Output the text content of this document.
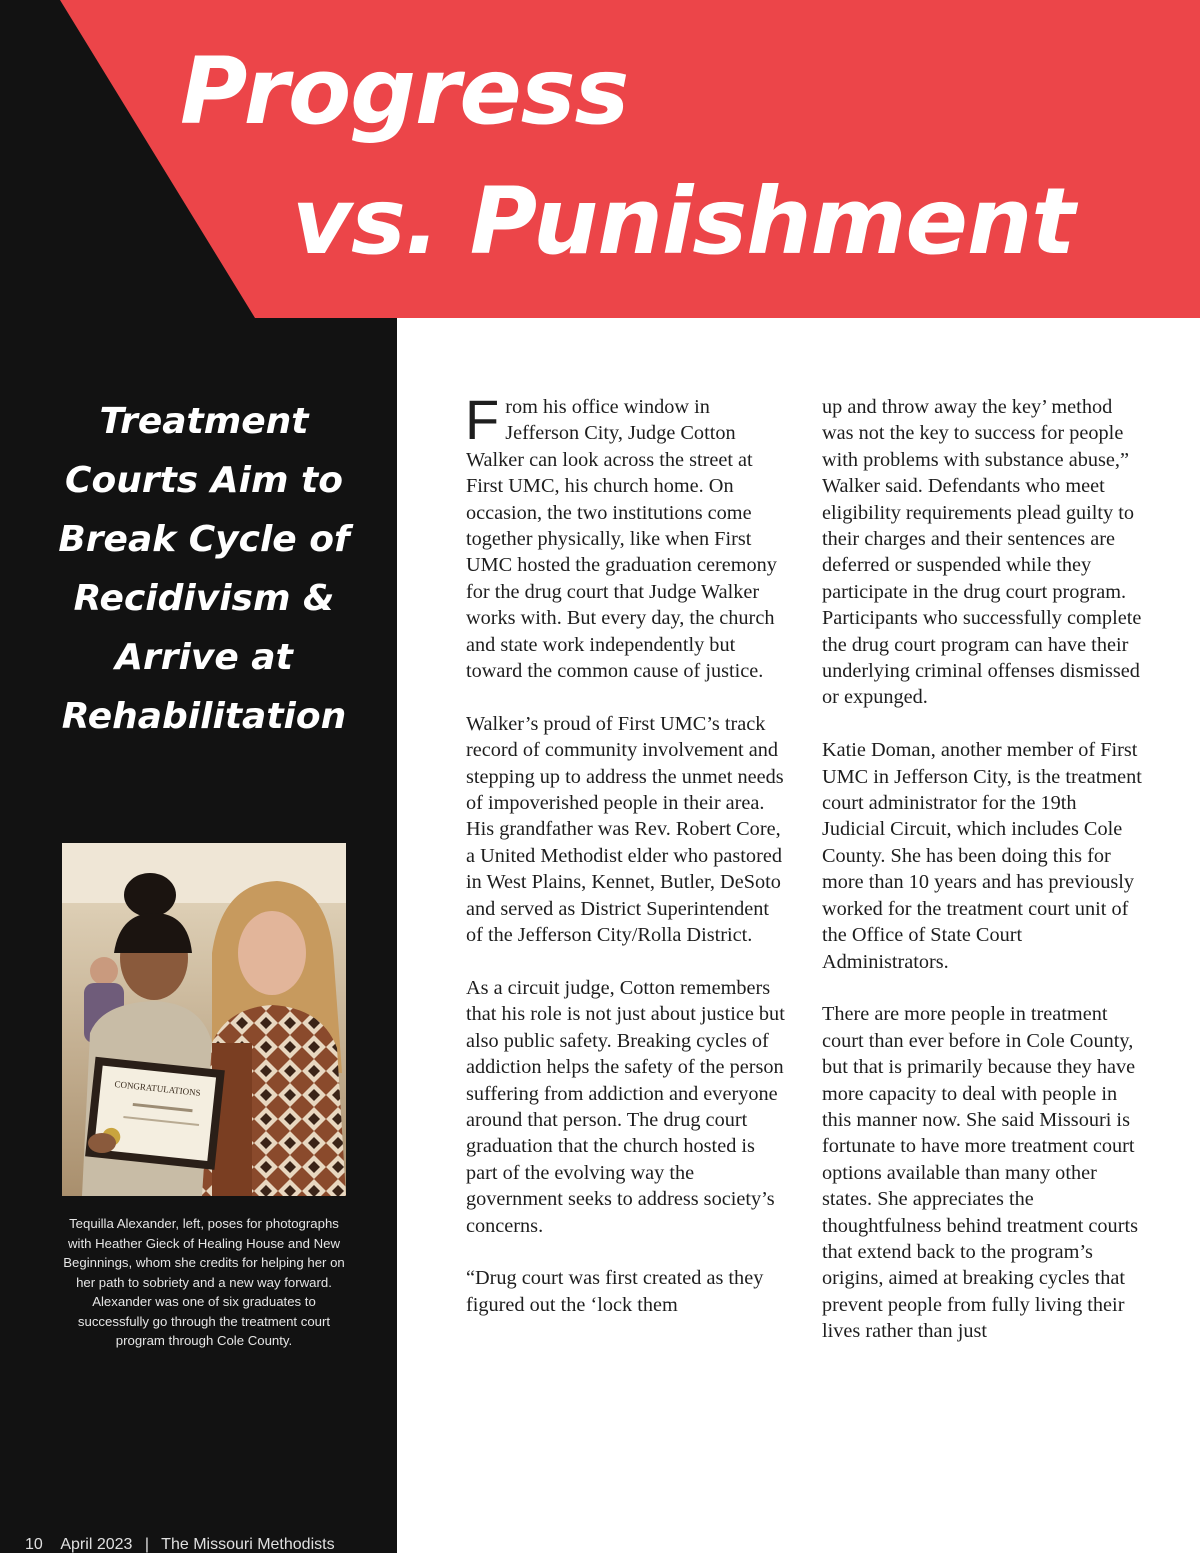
Progress
vs. Punishment
Treatment Courts Aim to Break Cycle of Recidivism & Arrive at Rehabilitation
CONGRATULATIONS

Tequilla Alexander, left, poses for photographs with Heather Gieck of Healing House and New Beginnings, whom she credits for helping her on her path to sobriety and a new way forward. Alexander was one of six graduates to successfully go through the treatment court program through Cole County.

10 April 2023 | The Missouri Methodists

From his office window in Jefferson City, Judge Cotton Walker can look across the street at First UMC, his church home. On occasion, the two institutions come together physically, like when First UMC hosted the graduation ceremony for the drug court that Judge Walker works with. But every day, the church and state work independently but toward the common cause of justice.

Walker’s proud of First UMC’s track record of community involvement and stepping up to address the unmet needs of impoverished people in their area. His grandfather was Rev. Robert Core, a United Methodist elder who pastored in West Plains, Kennet, Butler, DeSoto and served as District Superintendent of the Jefferson City/Rolla District.

As a circuit judge, Cotton remembers that his role is not just about justice but also public safety. Breaking cycles of addiction helps the safety of the person suffering from addiction and everyone around that person. The drug court graduation that the church hosted is part of the evolving way the government seeks to address society’s concerns.

“Drug court was first created as they figured out the ‘lock them

up and throw away the key’ method was not the key to success for people with problems with substance abuse,” Walker said. Defendants who meet eligibility requirements plead guilty to their charges and their sentences are deferred or suspended while they participate in the drug court program. Participants who successfully complete the drug court program can have their underlying criminal offenses dismissed or expunged.

Katie Doman, another member of First UMC in Jefferson City, is the treatment court administrator for the 19th Judicial Circuit, which includes Cole County. She has been doing this for more than 10 years and has previously worked for the treatment court unit of the Office of State Court Administrators.

There are more people in treatment court than ever before in Cole County, but that is primarily because they have more capacity to deal with people in this manner now. She said Missouri is fortunate to have more treatment court options available than many other states. She appreciates the thoughtfulness behind treatment courts that extend back to the program’s origins, aimed at breaking cycles that prevent people from fully living their lives rather than just
